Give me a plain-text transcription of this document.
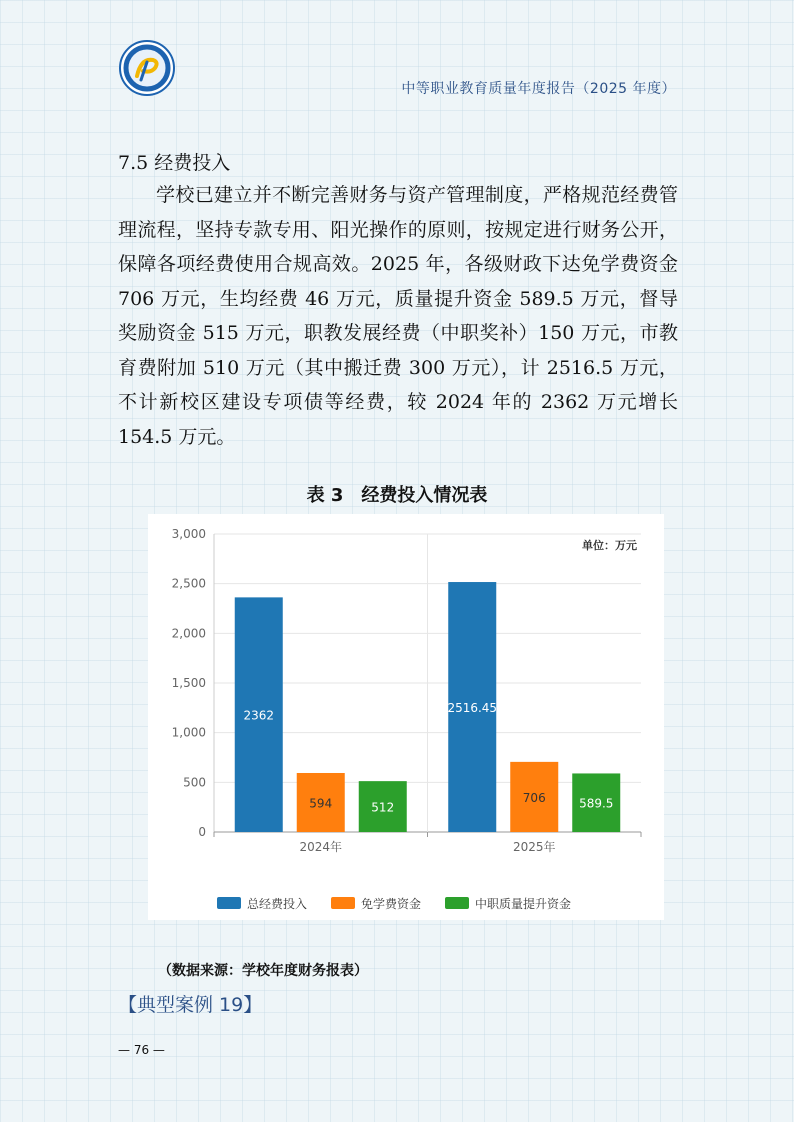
中等职业教育质量年度报告（2025 年度）
7.5 经费投入
学校已建立并不断完善财务与资产管理制度，严格规范经费管理流程，坚持专款专用、阳光操作的原则，按规定进行财务公开，保障各项经费使用合规高效。2025 年，各级财政下达免学费资金 706 万元，生均经费 46 万元，质量提升资金 589.5 万元，督导奖励资金 515 万元，职教发展经费（中职奖补）150 万元，市教育费附加 510 万元（其中搬迁费 300 万元），计 2516.5 万元，不计新校区建设专项债等经费，较 2024 年的 2362 万元增长 154.5 万元。
表 3　经费投入情况表
0
500
1,000
1,500
2,000
2,500
3,000
单位：万元
2362
594	512
2024年
2516.45
706	589.5
2025年
总经费投入	免学费资金	中职质量提升资金
（数据来源：学校年度财务报表）
【典型案例 19】
— 76 —
